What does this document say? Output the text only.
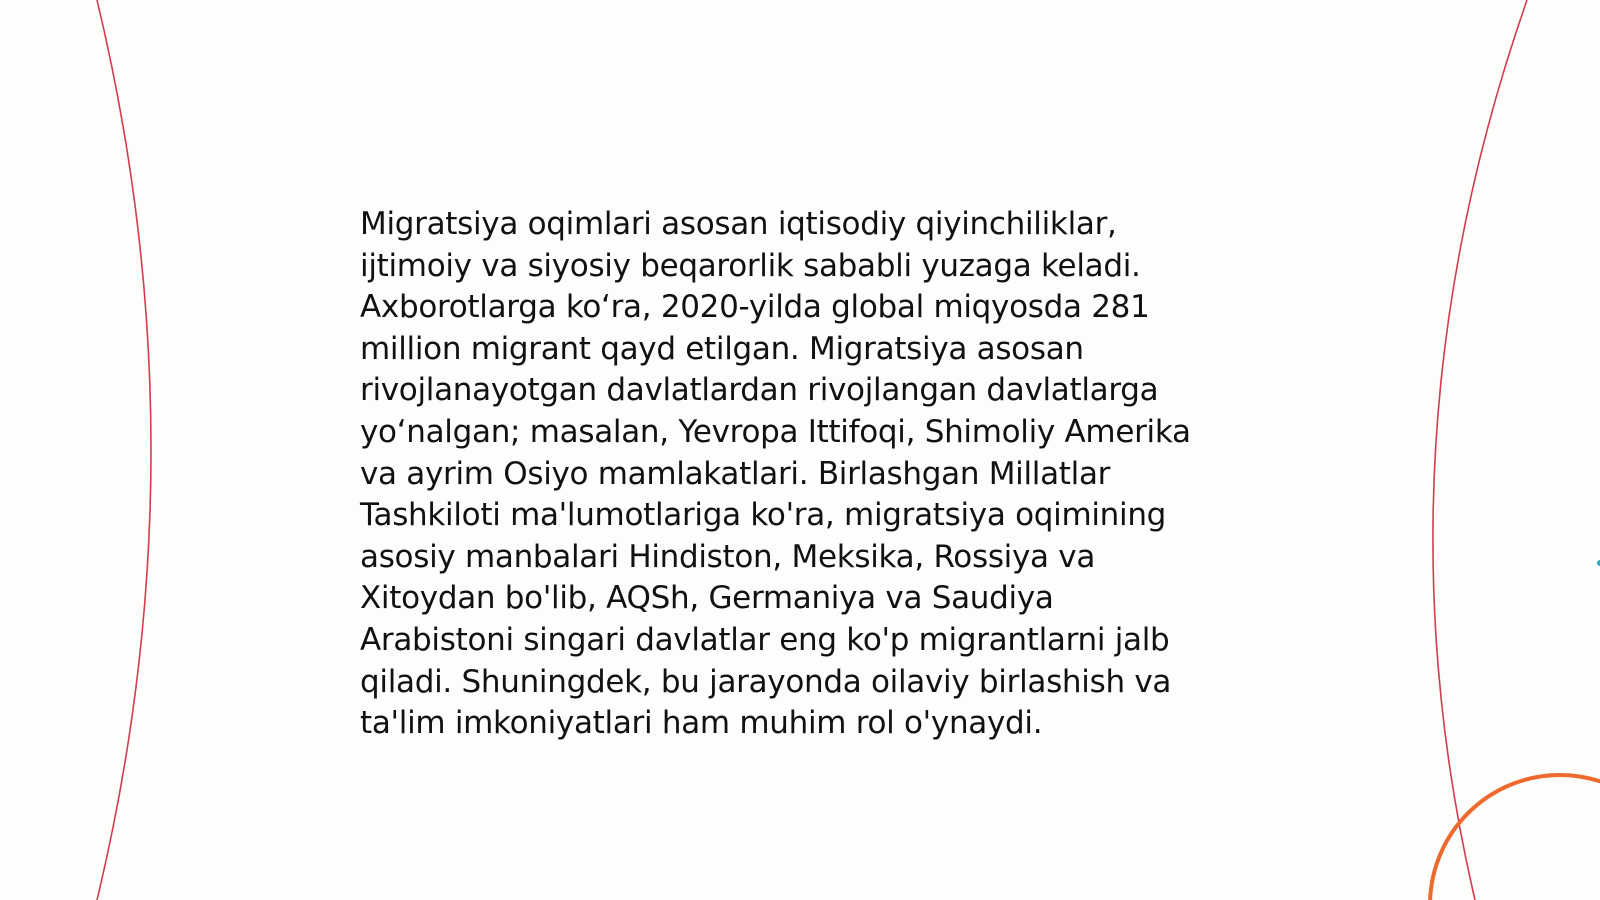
Migratsiya oqimlari asosan iqtisodiy qiyinchiliklar,
ijtimoiy va siyosiy beqarorlik sababli yuzaga keladi.
Axborotlarga ko‘ra, 2020-yilda global miqyosda 281
million migrant qayd etilgan. Migratsiya asosan
rivojlanayotgan davlatlardan rivojlangan davlatlarga
yo‘nalgan; masalan, Yevropa Ittifoqi, Shimoliy Amerika
va ayrim Osiyo mamlakatlari. Birlashgan Millatlar
Tashkiloti ma'lumotlariga ko'ra, migratsiya oqimining
asosiy manbalari Hindiston, Meksika, Rossiya va
Xitoydan bo'lib, AQSh, Germaniya va Saudiya
Arabistoni singari davlatlar eng ko'p migrantlarni jalb
qiladi. Shuningdek, bu jarayonda oilaviy birlashish va
ta'lim imkoniyatlari ham muhim rol o'ynaydi.
